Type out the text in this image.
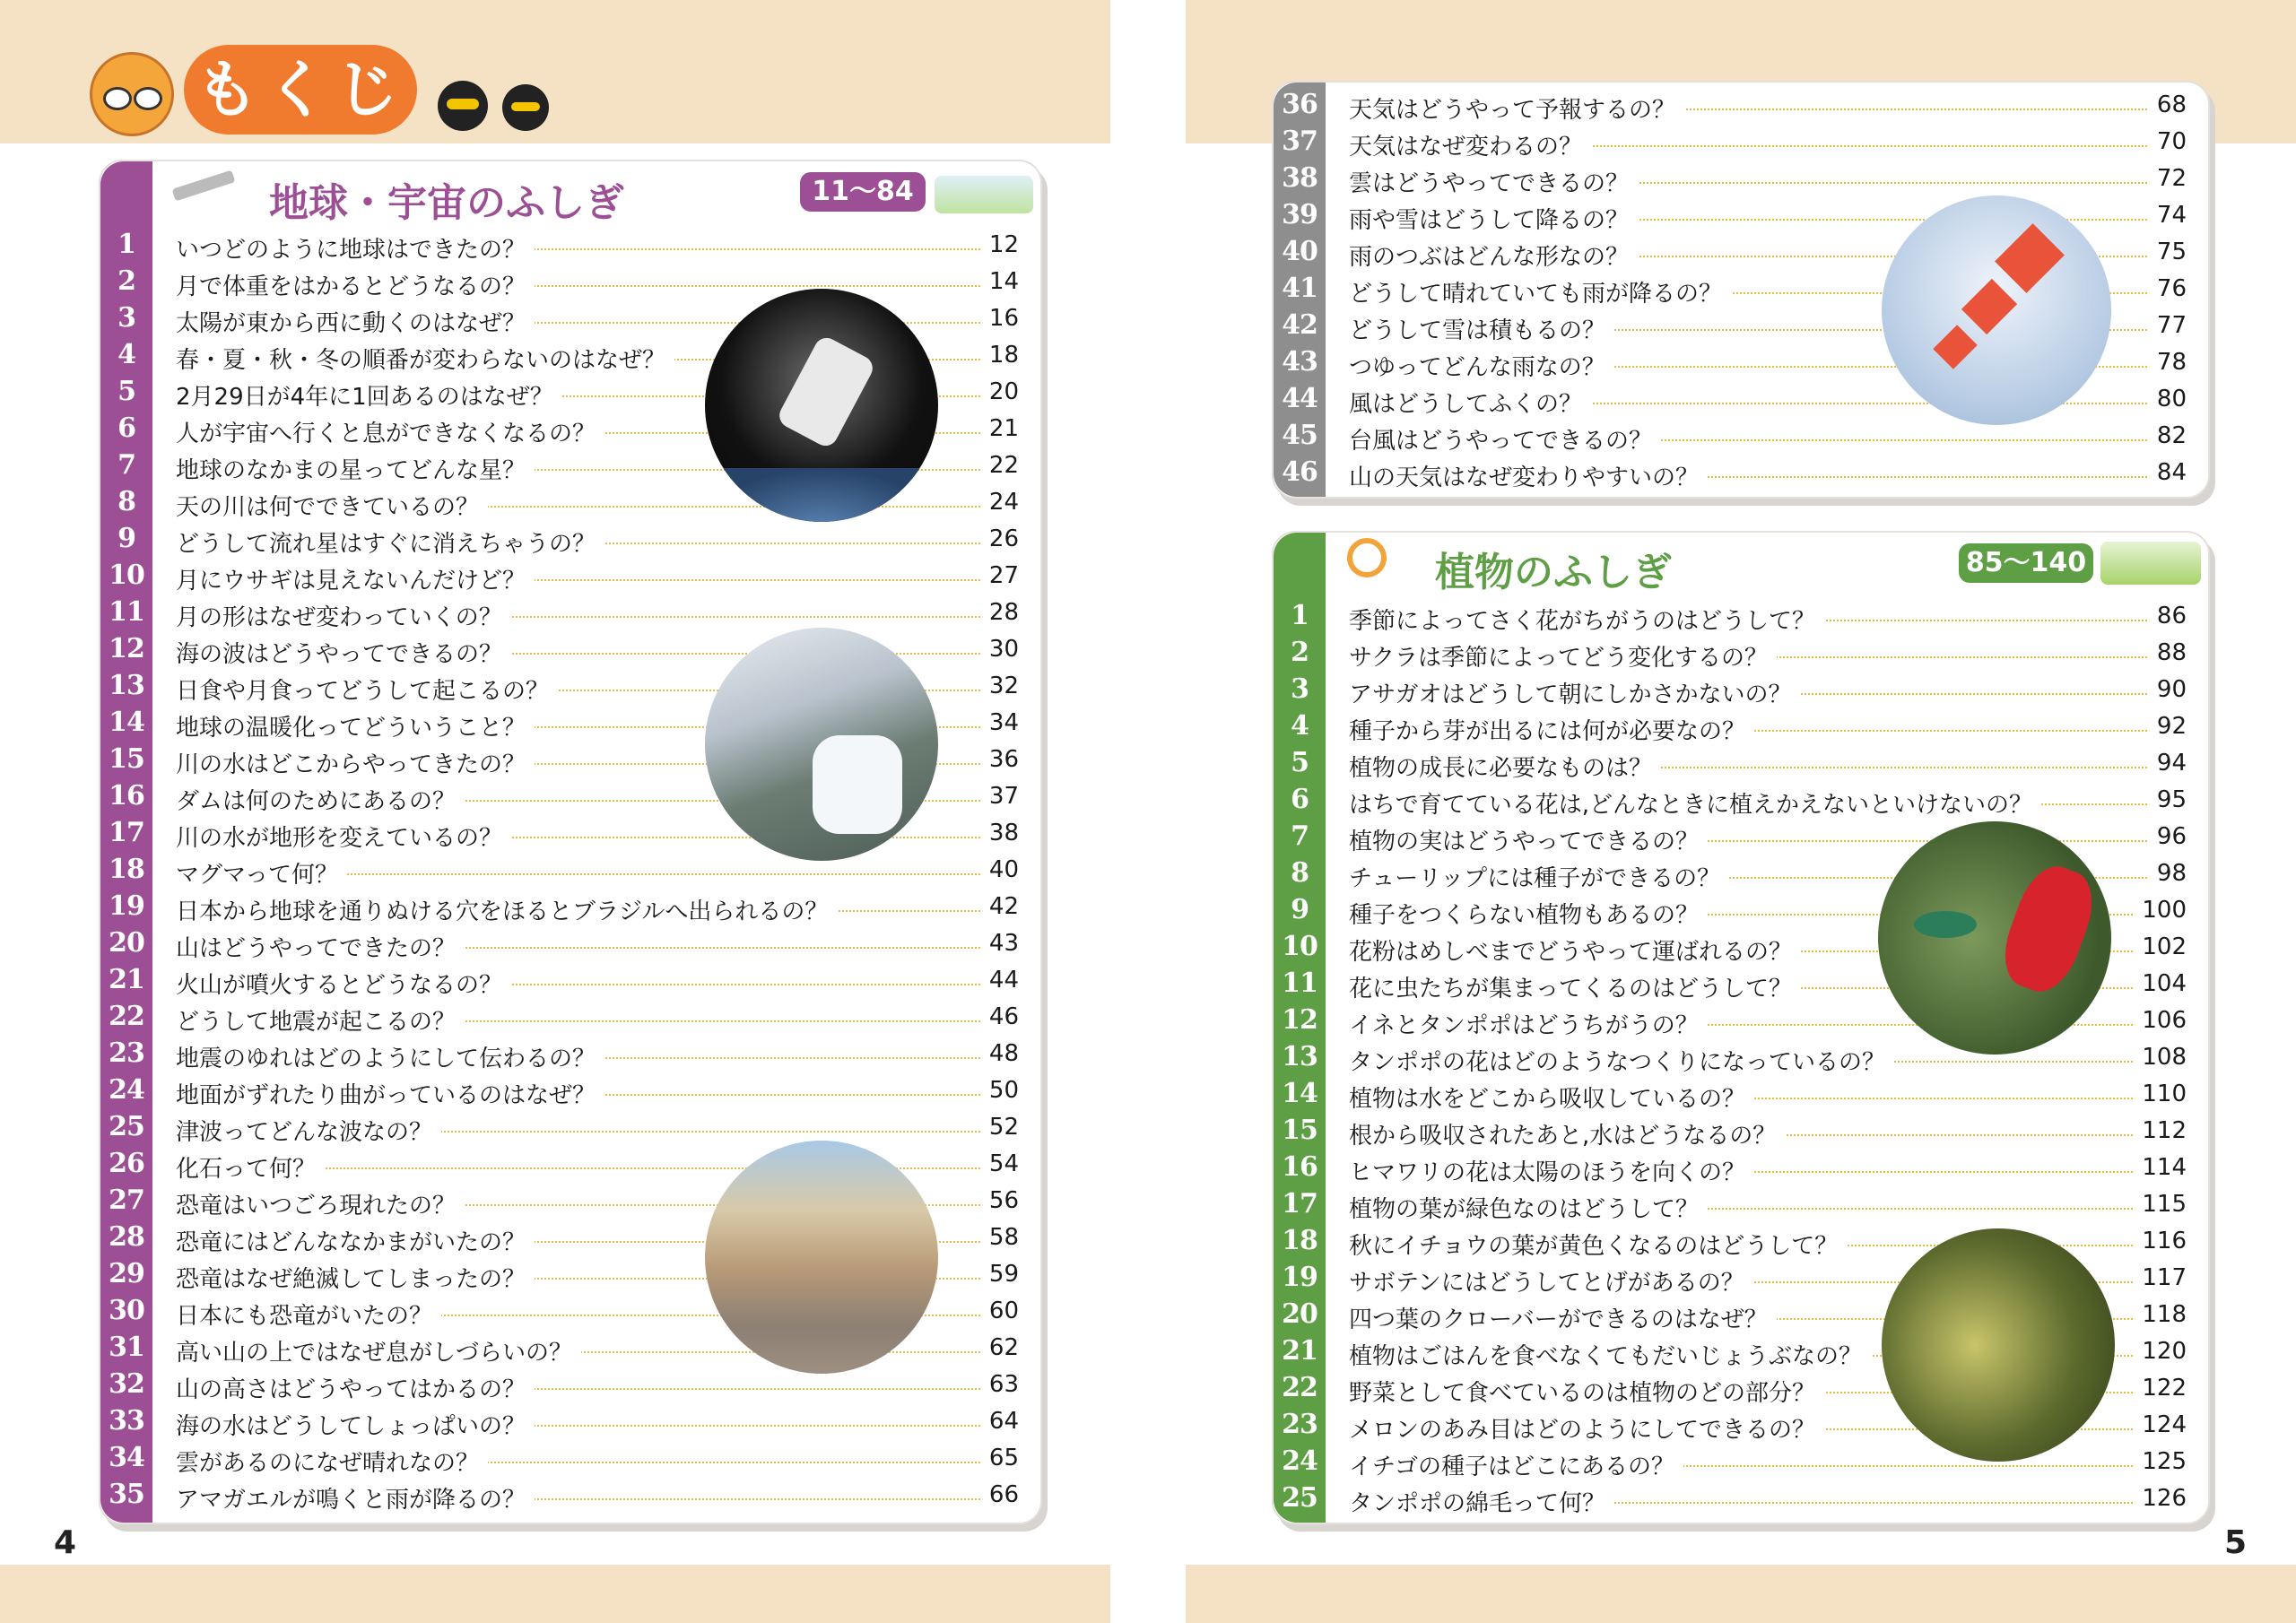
もくじ
地球・宇宙のふしぎ	11～84
1	いつどのように地球はできたの？	12
2	月で体重をはかるとどうなるの？	14
3	太陽が東から西に動くのはなぜ？	16
4	春・夏・秋・冬の順番が変わらないのはなぜ？	18
5	2月29日が4年に1回あるのはなぜ？	20
6	人が宇宙へ行くと息ができなくなるの？	21
7	地球のなかまの星ってどんな星？	22
8	天の川は何でできているの？	24
9	どうして流れ星はすぐに消えちゃうの？	26
10	月にウサギは見えないんだけど？	27
11	月の形はなぜ変わっていくの？	28
12	海の波はどうやってできるの？	30
13	日食や月食ってどうして起こるの？	32
14	地球の温暖化ってどういうこと？	34
15	川の水はどこからやってきたの？	36
16	ダムは何のためにあるの？	37
17	川の水が地形を変えているの？	38
18	マグマって何？	40
19	日本から地球を通りぬける穴をほるとブラジルへ出られるの？	42
20	山はどうやってできたの？	43
21	火山が噴火するとどうなるの？	44
22	どうして地震が起こるの？	46
23	地震のゆれはどのようにして伝わるの？	48
24	地面がずれたり曲がっているのはなぜ？	50
25	津波ってどんな波なの？	52
26	化石って何？	54
27	恐竜はいつごろ現れたの？	56
28	恐竜にはどんななかまがいたの？	58
29	恐竜はなぜ絶滅してしまったの？	59
30	日本にも恐竜がいたの？	60
31	高い山の上ではなぜ息がしづらいの？	62
32	山の高さはどうやってはかるの？	63
33	海の水はどうしてしょっぱいの？	64
34	雲があるのになぜ晴れなの？	65
35	アマガエルが鳴くと雨が降るの？	66
36	天気はどうやって予報するの？	68
37	天気はなぜ変わるの？	70
38	雲はどうやってできるの？	72
39	雨や雪はどうして降るの？	74
40	雨のつぶはどんな形なの？	75
41	どうして晴れていても雨が降るの？	76
42	どうして雪は積もるの？	77
43	つゆってどんな雨なの？	78
44	風はどうしてふくの？	80
45	台風はどうやってできるの？	82
46	山の天気はなぜ変わりやすいの？	84
植物のふしぎ	85～140
1	季節によってさく花がちがうのはどうして？	86
2	サクラは季節によってどう変化するの？	88
3	アサガオはどうして朝にしかさかないの？	90
4	種子から芽が出るには何が必要なの？	92
5	植物の成長に必要なものは？	94
6	はちで育てている花は,どんなときに植えかえないといけないの？	95
7	植物の実はどうやってできるの？	96
8	チューリップには種子ができるの？	98
9	種子をつくらない植物もあるの？	100
10	花粉はめしべまでどうやって運ばれるの？	102
11	花に虫たちが集まってくるのはどうして？	104
12	イネとタンポポはどうちがうの？	106
13	タンポポの花はどのようなつくりになっているの？	108
14	植物は水をどこから吸収しているの？	110
15	根から吸収されたあと,水はどうなるの？	112
16	ヒマワリの花は太陽のほうを向くの？	114
17	植物の葉が緑色なのはどうして？	115
18	秋にイチョウの葉が黄色くなるのはどうして？	116
19	サボテンにはどうしてとげがあるの？	117
20	四つ葉のクローバーができるのはなぜ？	118
21	植物はごはんを食べなくてもだいじょうぶなの？	120
22	野菜として食べているのは植物のどの部分？	122
23	メロンのあみ目はどのようにしてできるの？	124
24	イチゴの種子はどこにあるの？	125
25	タンポポの綿毛って何？	126
4	5
